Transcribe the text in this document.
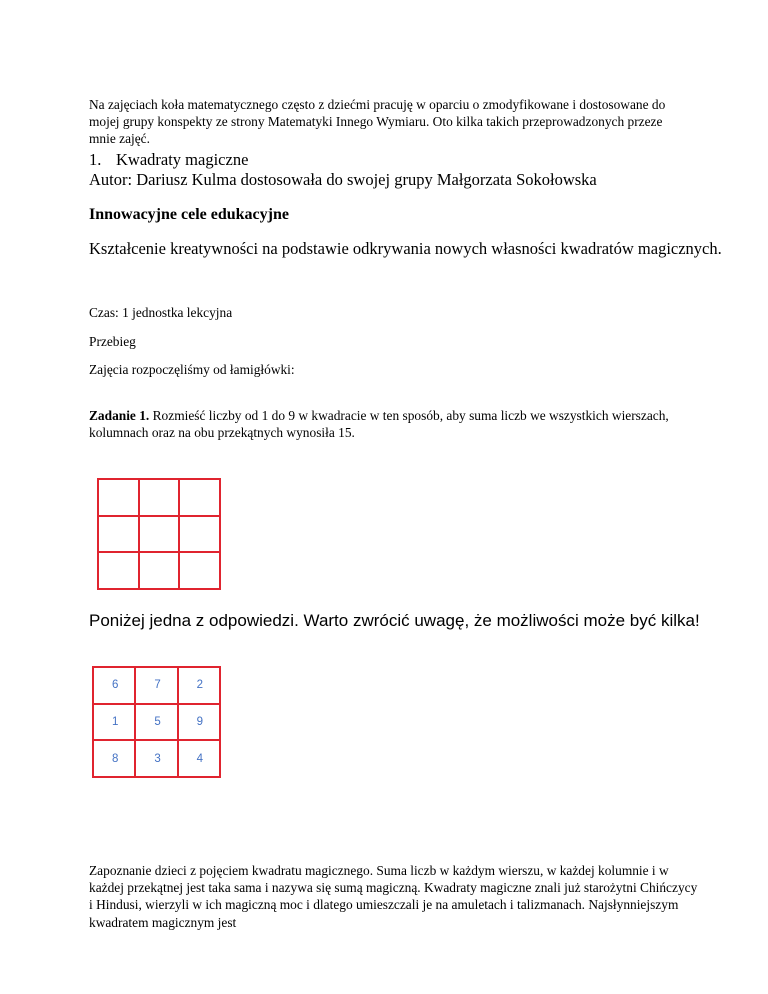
Na zajęciach koła matematycznego często z dziećmi pracuję w oparciu o zmodyfikowane i dostosowane do mojej grupy konspekty ze strony Matematyki Innego Wymiaru. Oto kilka takich przeprowadzonych przeze mnie zajęć.

1. Kwadraty magiczne
Autor: Dariusz Kulma dostosowała do swojej grupy Małgorzata Sokołowska
Innowacyjne cele edukacyjne

Kształcenie kreatywności na podstawie odkrywania nowych własności kwadratów magicznych.

Czas: 1 jednostka lekcyjna
Przebieg
Zajęcia rozpoczęliśmy od łamigłówki:

Zadanie 1. Rozmieść liczby od 1 do 9 w kwadracie w ten sposób, aby suma liczb we wszystkich wierszach, kolumnach oraz na obu przekątnych wynosiła 15.

Poniżej jedna z odpowiedzi. Warto zwrócić uwagę, że możliwości może być kilka!

6	7	2
1	5	9
8	3	4

Zapoznanie dzieci z pojęciem kwadratu magicznego. Suma liczb w każdym wierszu, w każdej kolumnie i w każdej przekątnej jest taka sama i nazywa się sumą magiczną. Kwadraty magiczne znali już starożytni Chińczycy i Hindusi, wierzyli w ich magiczną moc i dlatego umieszczali je na amuletach i talizmanach. Najsłynniejszym kwadratem magicznym jest
